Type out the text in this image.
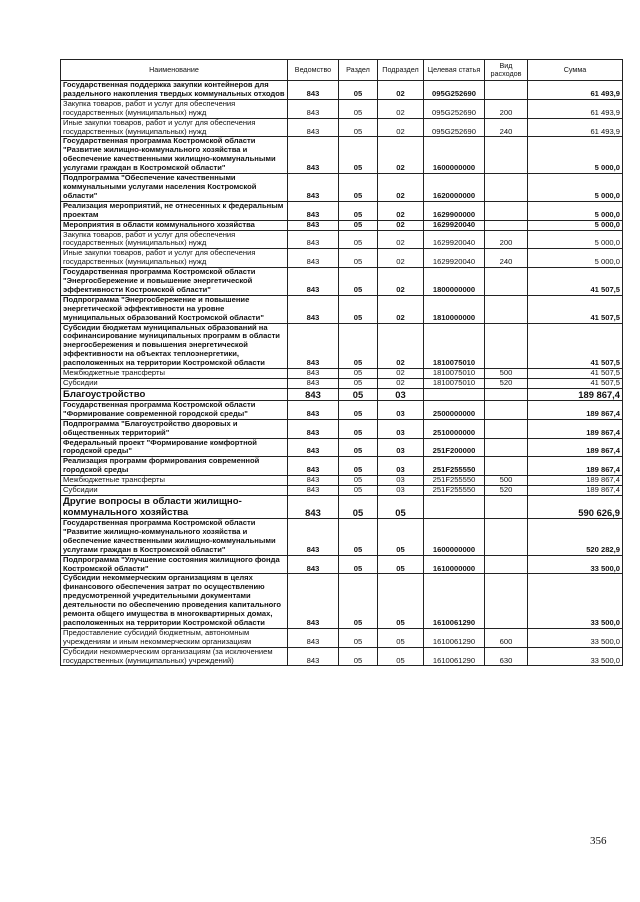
Наименование	Ведомство	Раздел	Подраздел	Целевая статья	Вид расходов	Сумма
Государственная поддержка закупки контейнеров для раздельного накопления твердых коммунальных отходов	843	05	02	095G252690		61 493,9
Закупка товаров, работ и услуг для обеспечения государственных (муниципальных) нужд	843	05	02	095G252690	200	61 493,9
Иные закупки товаров, работ и услуг для обеспечения государственных (муниципальных) нужд	843	05	02	095G252690	240	61 493,9
Государственная программа Костромской области "Развитие жилищно-коммунального хозяйства и обеспечение качественными жилищно-коммунальными услугами граждан в Костромской области"	843	05	02	1600000000		5 000,0
Подпрограмма "Обеспечение качественными коммунальными услугами населения Костромской области"	843	05	02	1620000000		5 000,0
Реализация мероприятий, не отнесенных к федеральным проектам	843	05	02	1629900000		5 000,0
Мероприятия в области коммунального хозяйства	843	05	02	1629920040		5 000,0
Закупка товаров, работ и услуг для обеспечения государственных (муниципальных) нужд	843	05	02	1629920040	200	5 000,0
Иные закупки товаров, работ и услуг для обеспечения государственных (муниципальных) нужд	843	05	02	1629920040	240	5 000,0
Государственная программа Костромской области "Энергосбережение и повышение энергетической эффективности Костромской области"	843	05	02	1800000000		41 507,5
Подпрограмма "Энергосбережение и повышение энергетической эффективности на уровне муниципальных образований Костромской области"	843	05	02	1810000000		41 507,5
Субсидии бюджетам муниципальных образований на софинансирование муниципальных программ в области энергосбережения и повышения энергетической эффективности на объектах теплоэнергетики, расположенных на территории Костромской области	843	05	02	1810075010		41 507,5
Межбюджетные трансферты	843	05	02	1810075010	500	41 507,5
Субсидии	843	05	02	1810075010	520	41 507,5
Благоустройство	843	05	03			189 867,4
Государственная программа Костромской области "Формирование современной городской среды"	843	05	03	2500000000		189 867,4
Подпрограмма "Благоустройство дворовых и общественных территорий"	843	05	03	2510000000		189 867,4
Федеральный проект "Формирование комфортной городской среды"	843	05	03	251F200000		189 867,4
Реализация программ формирования современной городской среды	843	05	03	251F255550		189 867,4
Межбюджетные трансферты	843	05	03	251F255550	500	189 867,4
Субсидии	843	05	03	251F255550	520	189 867,4
Другие вопросы в области жилищно-коммунального хозяйства	843	05	05			590 626,9
Государственная программа Костромской области "Развитие жилищно-коммунального хозяйства и обеспечение качественными жилищно-коммунальными услугами граждан в Костромской области"	843	05	05	1600000000		520 282,9
Подпрограмма "Улучшение состояния жилищного фонда Костромской области"	843	05	05	1610000000		33 500,0
Субсидии некоммерческим организациям в целях финансового обеспечения затрат по осуществлению предусмотренной учредительными документами деятельности по обеспечению проведения капитального ремонта общего имущества в многоквартирных домах, расположенных на территории Костромской области	843	05	05	1610061290		33 500,0
Предоставление субсидий бюджетным, автономным учреждениям и иным некоммерческим организациям	843	05	05	1610061290	600	33 500,0
Субсидии некоммерческим организациям (за исключением государственных (муниципальных) учреждений)	843	05	05	1610061290	630	33 500,0
356
